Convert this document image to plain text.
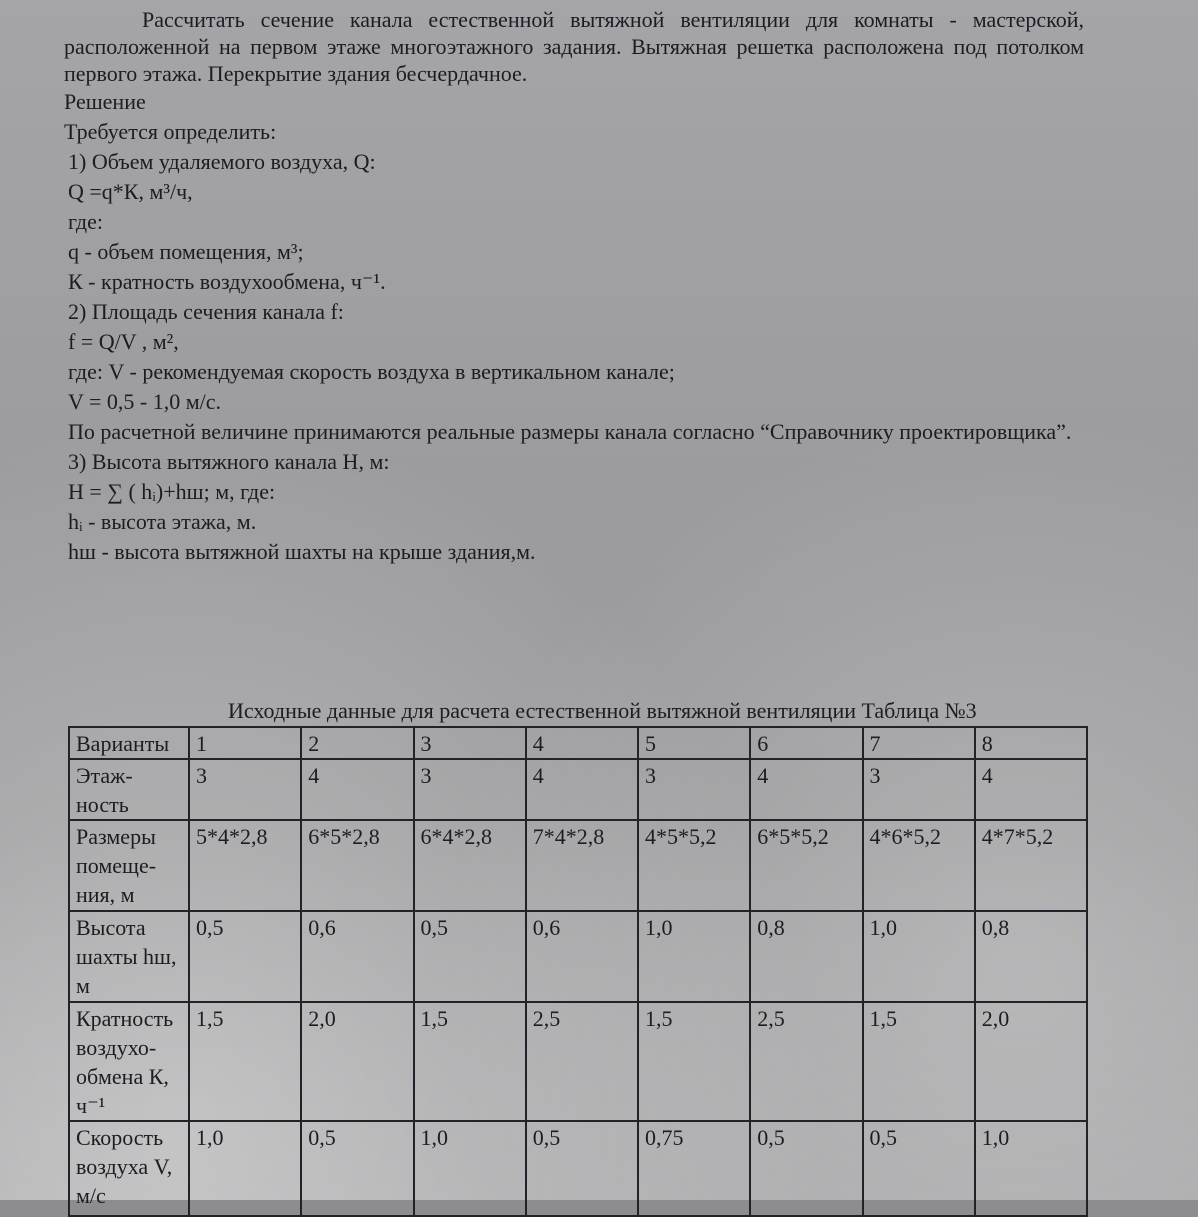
Рассчитать сечение канала естественной вытяжной вентиляции для комнаты - мастерской, расположенной на первом этаже многоэтажного задания. Вытяжная решетка расположена под потолком первого этажа. Перекрытие здания бесчердачное.

Решение

Требуется определить:

1) Объем удаляемого воздуха, Q:

Q =q*К, м³/ч,

где:

q - объем помещения, м³;

К - кратность воздухообмена, ч⁻¹.

2) Площадь сечения канала f:

f = Q/V , м²,

где: V - рекомендуемая скорость воздуха в вертикальном канале;

V = 0,5 - 1,0 м/с.

По расчетной величине принимаются реальные размеры канала согласно “Справочнику проектировщика”.

3) Высота вытяжного канала H, м:

H = ∑ ( hᵢ)+hш; м, где:

hᵢ - высота этажа, м.

hш - высота вытяжной шахты на крыше здания,м.

Исходные данные для расчета естественной вытяжной вентиляции Таблица №3
Варианты	1	2	3	4	5	6	7	8
Этаж-ность	3	4	3	4	3	4	3	4
Размеры помеще-ния, м	5*4*2,8	6*5*2,8	6*4*2,8	7*4*2,8	4*5*5,2	6*5*5,2	4*6*5,2	4*7*5,2
Высота шахты hш, м	0,5	0,6	0,5	0,6	1,0	0,8	1,0	0,8
Кратность воздухо-обмена К, ч⁻¹	1,5	2,0	1,5	2,5	1,5	2,5	1,5	2,0
Скорость воздуха V, м/с	1,0	0,5	1,0	0,5	0,75	0,5	0,5	1,0
